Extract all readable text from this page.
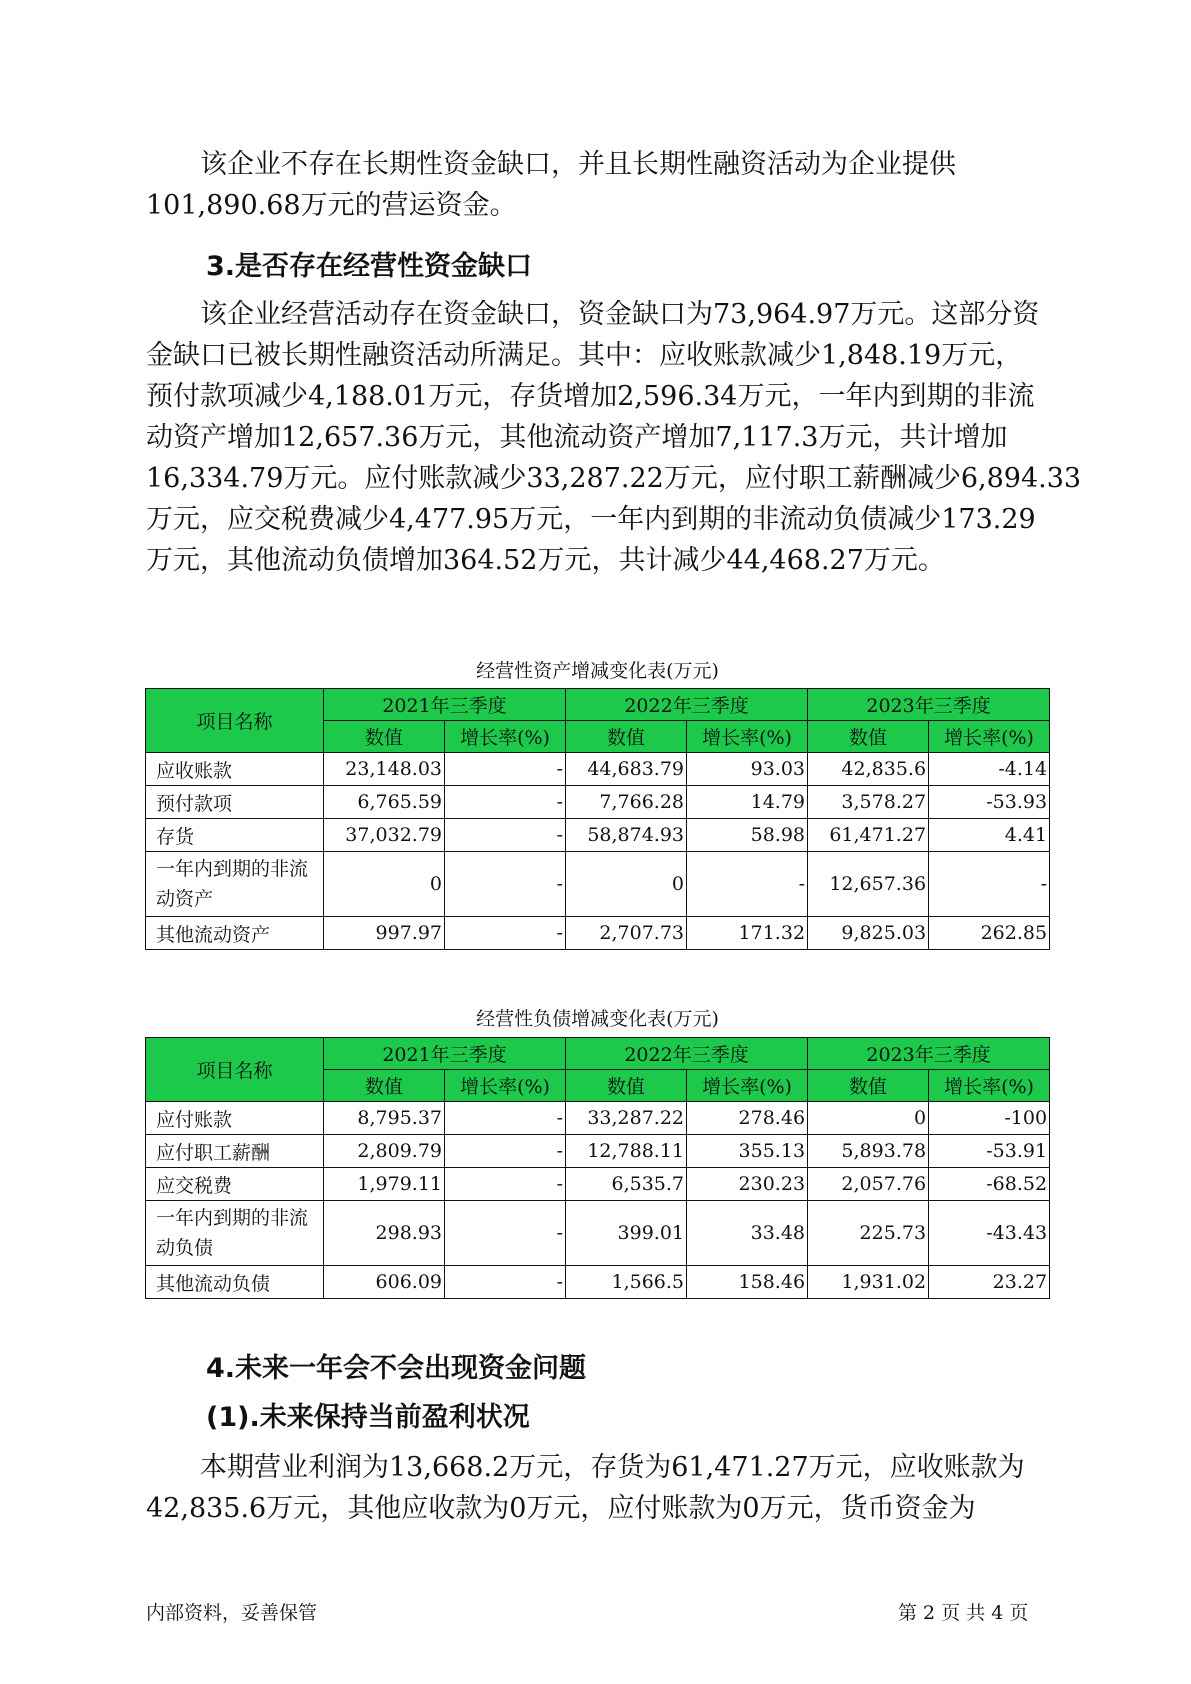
该企业不存在长期性资金缺口，并且长期性融资活动为企业提供
101,890.68万元的营运资金。
3.是否存在经营性资金缺口
该企业经营活动存在资金缺口，资金缺口为73,964.97万元。这部分资
金缺口已被长期性融资活动所满足。其中：应收账款减少1,848.19万元，
预付款项减少4,188.01万元，存货增加2,596.34万元，一年内到期的非流
动资产增加12,657.36万元，其他流动资产增加7,117.3万元，共计增加
16,334.79万元。应付账款减少33,287.22万元，应付职工薪酬减少6,894.33
万元，应交税费减少4,477.95万元，一年内到期的非流动负债减少173.29
万元，其他流动负债增加364.52万元，共计减少44,468.27万元。
经营性资产增减变化表(万元)
项目名称	2021年三季度		2022年三季度		2023年三季度	
	数值	增长率(%)	数值	增长率(%)	数值	增长率(%)
应收账款	23,148.03	-	44,683.79	93.03	42,835.6	-4.14
预付款项	6,765.59	-	7,766.28	14.79	3,578.27	-53.93
存货	37,032.79	-	58,874.93	58.98	61,471.27	4.41
一年内到期的非流动资产	0	-	0	-	12,657.36	-
其他流动资产	997.97	-	2,707.73	171.32	9,825.03	262.85
经营性负债增减变化表(万元)
项目名称	2021年三季度		2022年三季度		2023年三季度	
	数值	增长率(%)	数值	增长率(%)	数值	增长率(%)
应付账款	8,795.37	-	33,287.22	278.46	0	-100
应付职工薪酬	2,809.79	-	12,788.11	355.13	5,893.78	-53.91
应交税费	1,979.11	-	6,535.7	230.23	2,057.76	-68.52
一年内到期的非流动负债	298.93	-	399.01	33.48	225.73	-43.43
其他流动负债	606.09	-	1,566.5	158.46	1,931.02	23.27
4.未来一年会不会出现资金问题
(1).未来保持当前盈利状况
本期营业利润为13,668.2万元，存货为61,471.27万元，应收账款为
42,835.6万元，其他应收款为0万元，应付账款为0万元，货币资金为
内部资料，妥善保管	第 2 页 共 4 页
